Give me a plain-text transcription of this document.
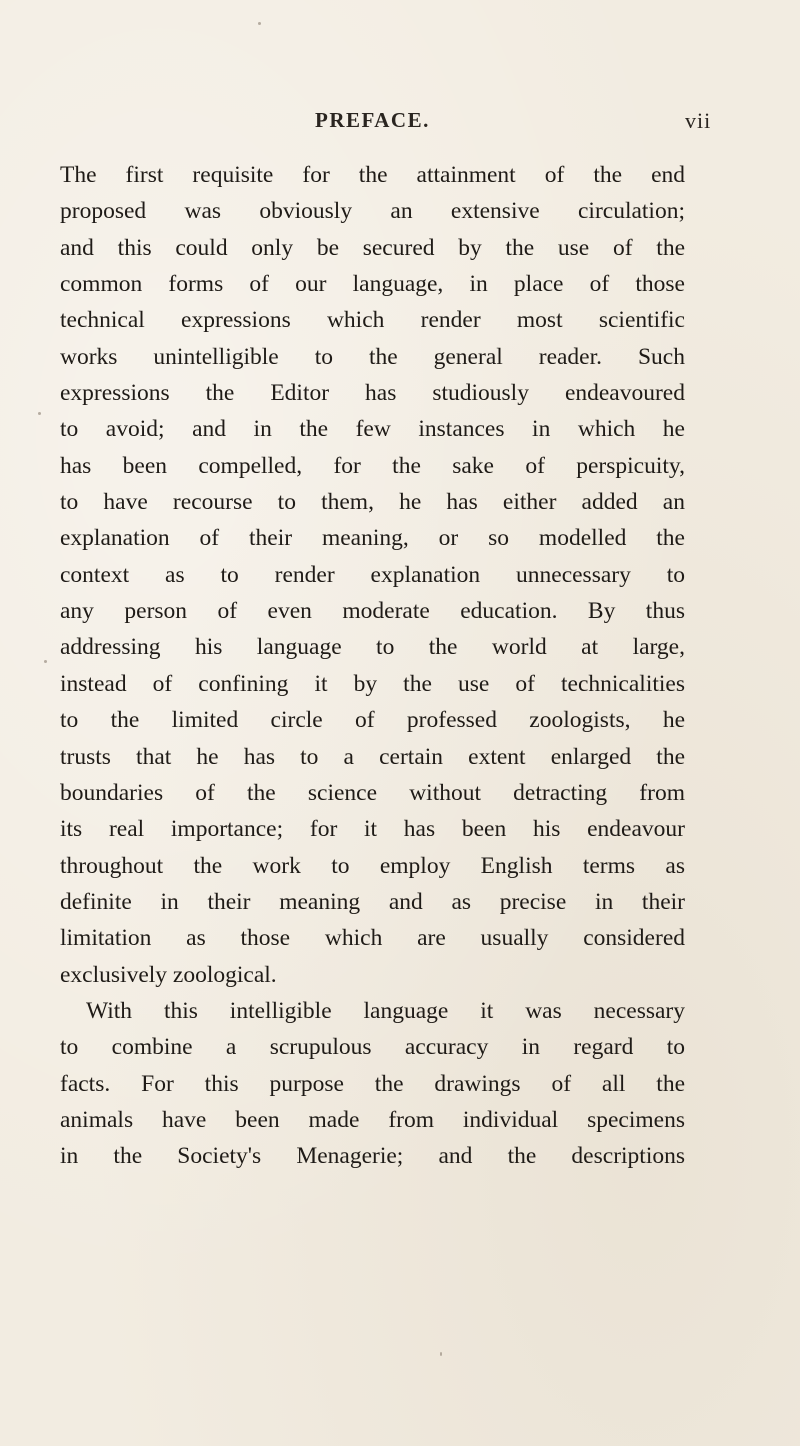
PREFACE.	vii
The first requisite for the attainment of the end
proposed was obviously an extensive circulation;
and this could only be secured by the use of the
common forms of our language, in place of those
technical expressions which render most scientific
works unintelligible to the general reader. Such
expressions the Editor has studiously endeavoured
to avoid; and in the few instances in which he
has been compelled, for the sake of perspicuity,
to have recourse to them, he has either added an
explanation of their meaning, or so modelled the
context as to render explanation unnecessary to
any person of even moderate education. By thus
addressing his language to the world at large,
instead of confining it by the use of technicalities
to the limited circle of professed zoologists, he
trusts that he has to a certain extent enlarged the
boundaries of the science without detracting from
its real importance; for it has been his endeavour
throughout the work to employ English terms as
definite in their meaning and as precise in their
limitation as those which are usually considered
exclusively zoological.
With this intelligible language it was necessary
to combine a scrupulous accuracy in regard to
facts. For this purpose the drawings of all the
animals have been made from individual specimens
in the Society's Menagerie; and the descriptions
